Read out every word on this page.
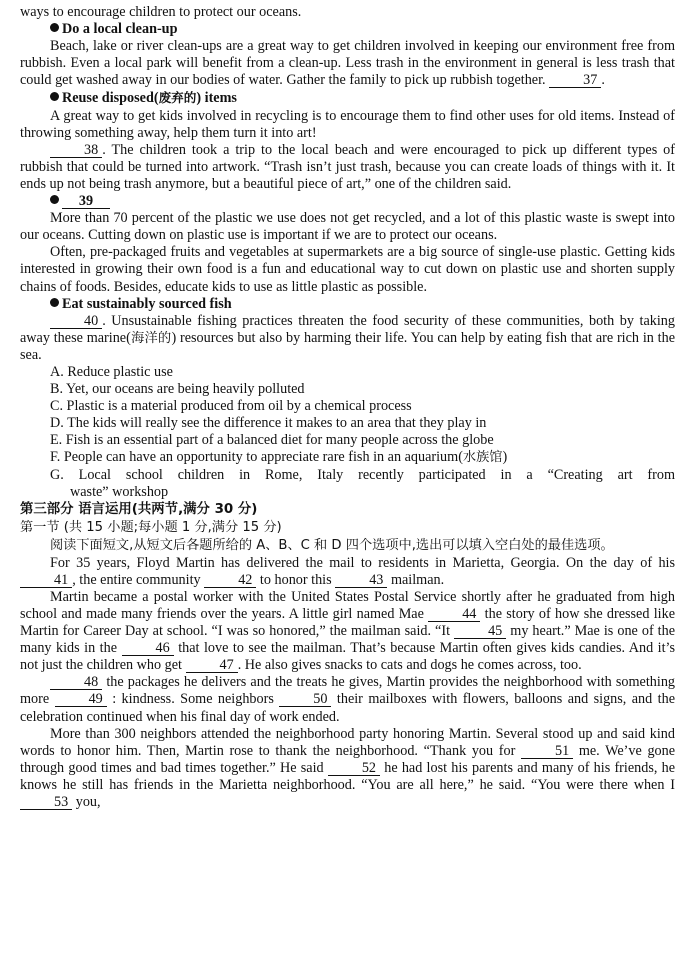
ways to encourage children to protect our oceans.

Do a local clean-up

Beach, lake or river clean-ups are a great way to get children involved in keeping our environment free from rubbish. Even a local park will benefit from a clean-up. Less trash in the environment in general is less trash that could get washed away in our bodies of water. Gather the family to pick up rubbish together.	37 .

Reuse disposed(废弃的) items

A great way to get kids involved in recycling is to encourage them to find other uses for old items. Instead of throwing something away, help them turn it into art!

38 . The children took a trip to the local beach and were encouraged to pick up different types of rubbish that could be turned into artwork. “Trash isn’t just trash, because you can create loads of things with it. It ends up not being trash anymore, but a beautiful piece of art,” one of the children said.

39

More than 70 percent of the plastic we use does not get recycled, and a lot of this plastic waste is swept into our oceans. Cutting down on plastic use is important if we are to protect our oceans.

Often, pre-packaged fruits and vegetables at supermarkets are a big source of single-use plastic. Getting kids interested in growing their own food is a fun and educational way to cut down on plastic use and shorten supply chains of foods. Besides, educate kids to use as little plastic as possible.

Eat sustainably sourced fish

40 . Unsustainable fishing practices threaten the food security of these communities, both by taking away these marine(海洋的) resources but also by harming their life. You can help by eating fish that are rich in the sea.

A. Reduce plastic use

B. Yet, our oceans are being heavily polluted

C. Plastic is a material produced from oil by a chemical process

D. The kids will really see the difference it makes to an area that they play in

E. Fish is an essential part of a balanced diet for many people across the globe

F. People can have an opportunity to appreciate rare fish in an aquarium(水族馆)

G. Local school children in Rome, Italy recently participated in a “Creating art from

waste” workshop

第三部分 语言运用(共两节,满分 30 分)

第一节 (共 15 小题;每小题 1 分,满分 15 分)

阅读下面短文,从短文后各题所给的 A、B、C 和 D 四个选项中,选出可以填入空白处的最佳选项。

For 35 years, Floyd Martin has delivered the mail to residents in Marietta, Georgia. On the day of his 41 , the entire community	42 to honor this	43 mailman.

Martin became a postal worker with the United States Postal Service shortly after he graduated from high school and made many friends over the years. A little girl named Mae	44 the story of how she dressed like Martin for Career Day at school. “I was so honored,” the mailman said. “It	45 my heart.” Mae is one of the many kids in the	46 that love to see the mailman. That’s because Martin often gives kids candies. And it’s not just the children who get	47 . He also gives snacks to cats and dogs he comes across, too.

48 the packages he delivers and the treats he gives, Martin provides the neighborhood with something more	49 : kindness. Some neighbors	50 their mailboxes with flowers, balloons and signs, and the celebration continued when his final day of work ended.

More than 300 neighbors attended the neighborhood party honoring Martin. Several stood up and said kind words to honor him. Then, Martin rose to thank the neighborhood. “Thank you for	51 me. We’ve gone through good times and bad times together.” He said	52 he had lost his parents and many of his friends, he knows he still has friends in the Marietta neighborhood. “You are all here,” he said. “You were there when I 53 you,
